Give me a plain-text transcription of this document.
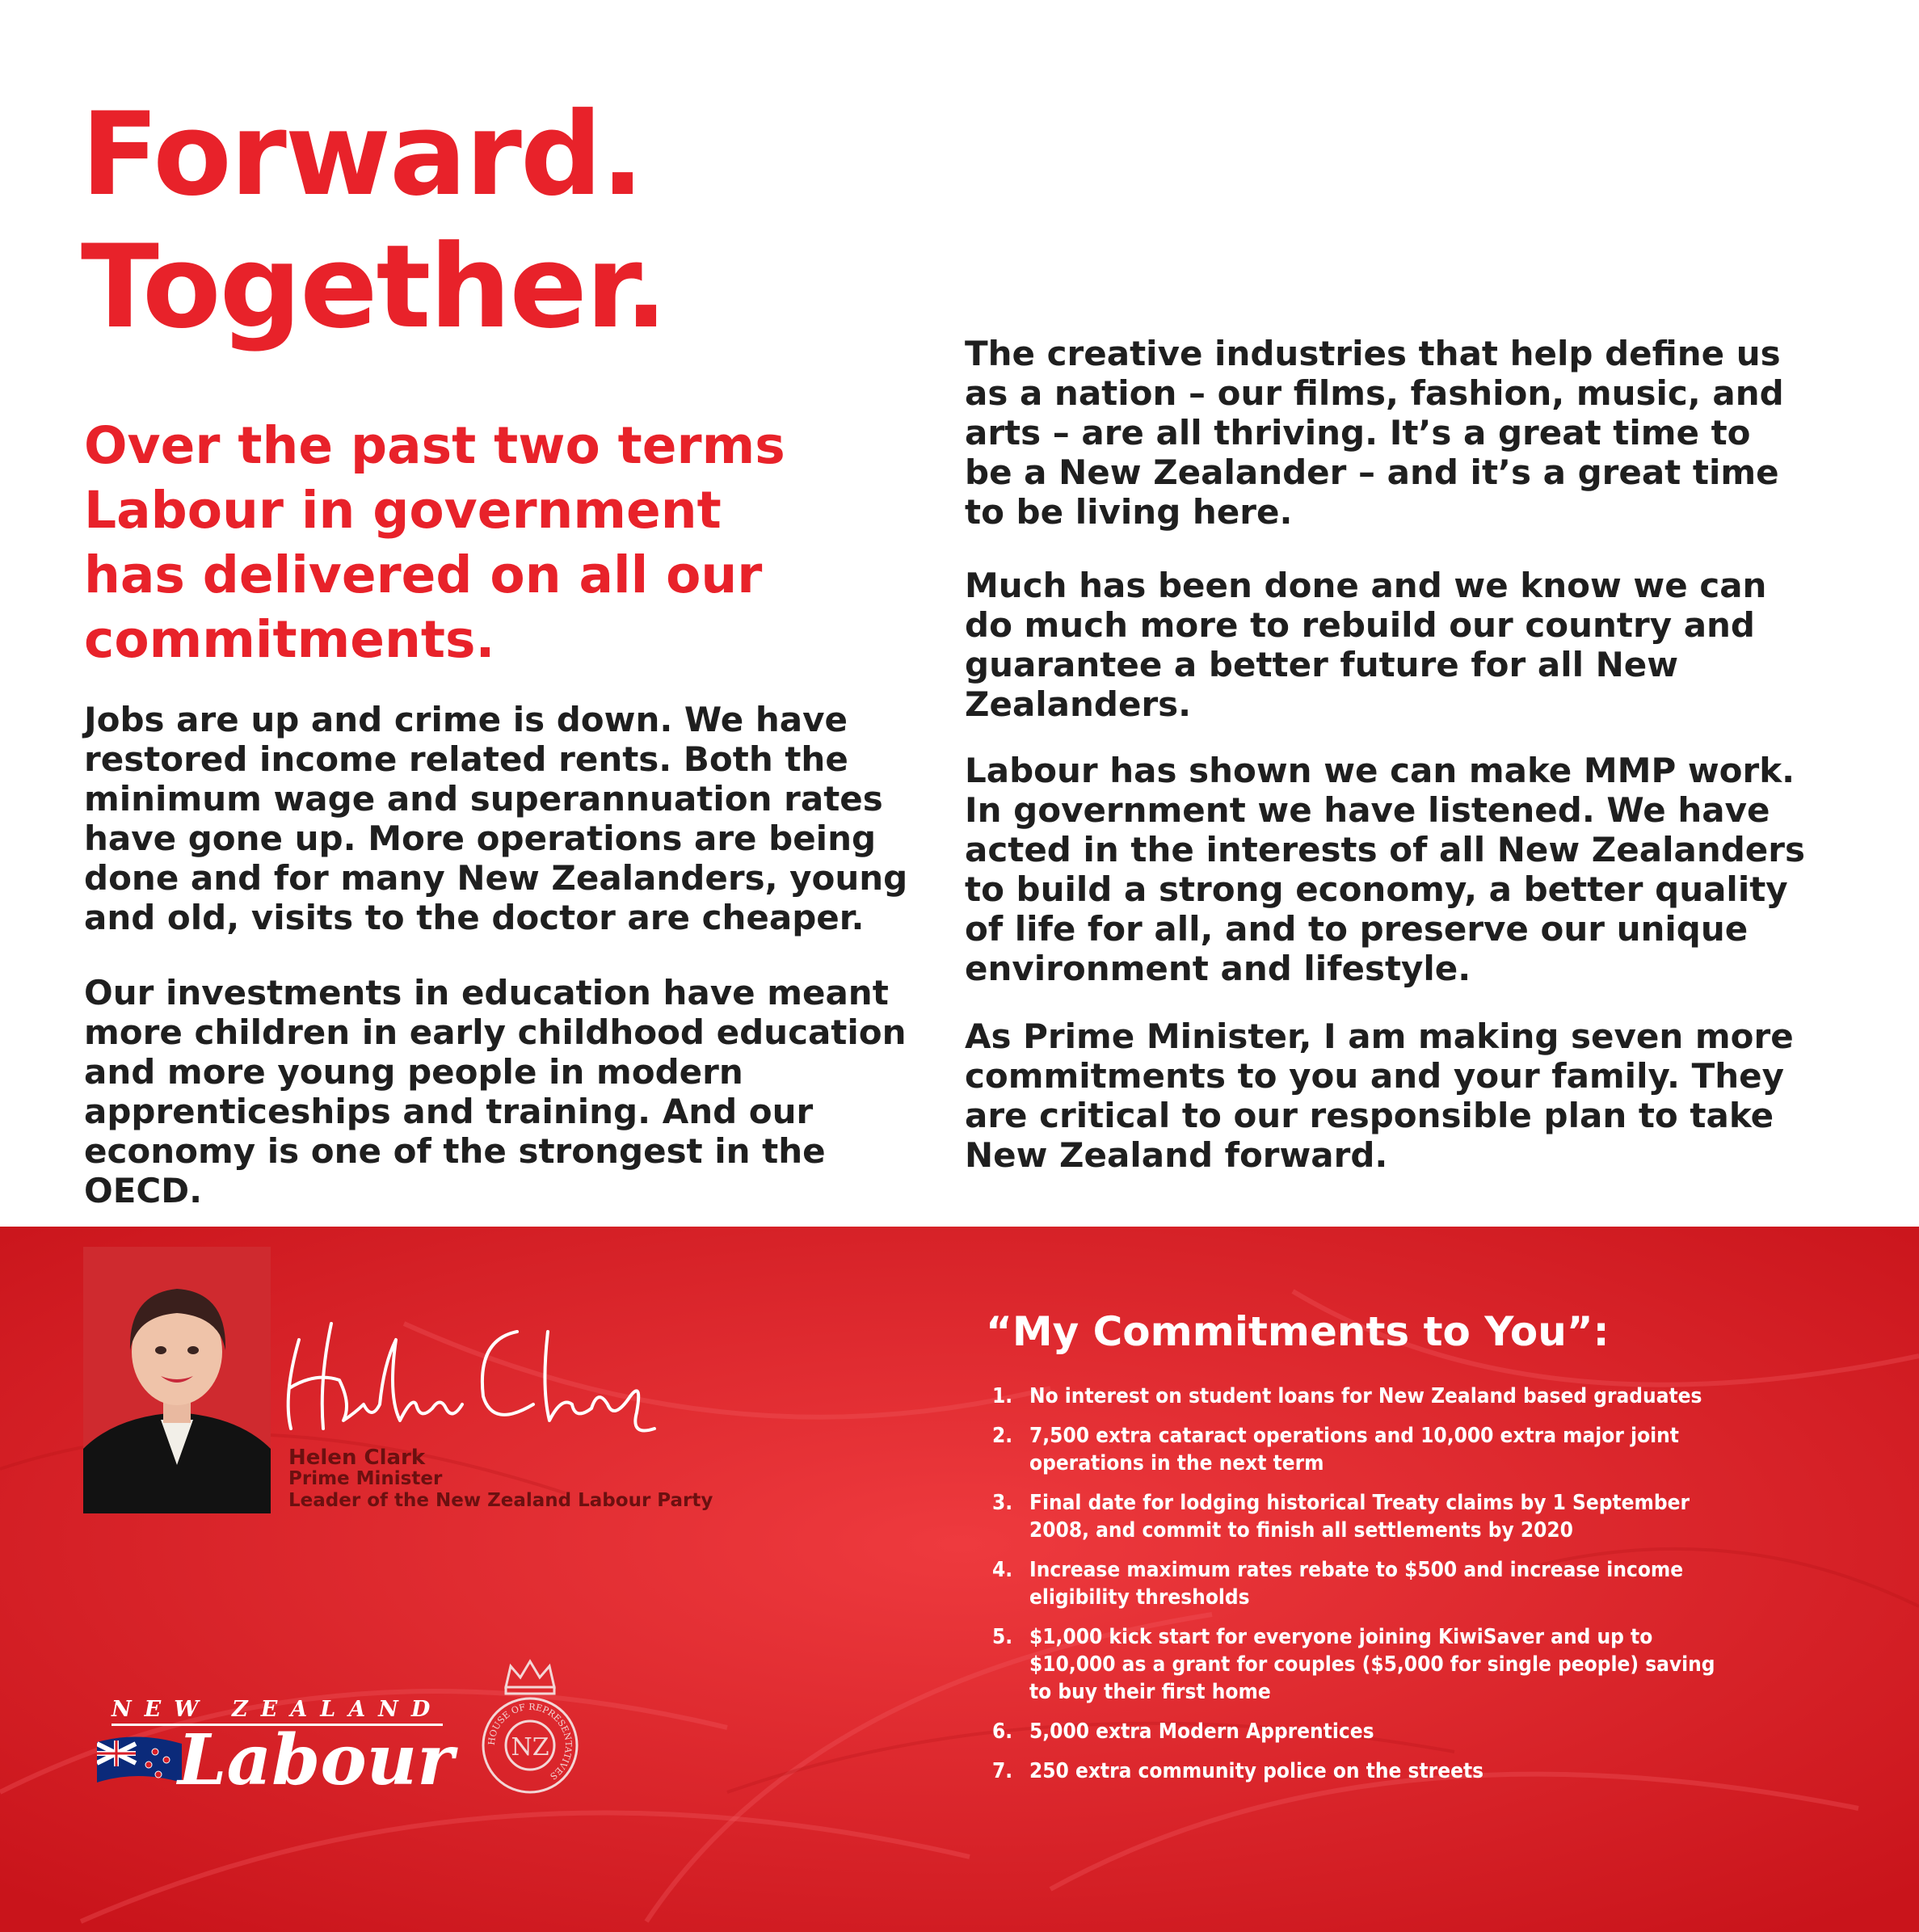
Forward.
Together.
Over the past two terms Labour in government has delivered on all our commitments.

Jobs are up and crime is down. We have restored income related rents. Both the minimum wage and superannuation rates have gone up. More operations are being done and for many New Zealanders, young and old, visits to the doctor are cheaper.

Our investments in education have meant more children in early childhood education and more young people in modern apprenticeships and training. And our economy is one of the strongest in the OECD.

The creative industries that help define us as a nation – our films, fashion, music, and arts – are all thriving. It’s a great time to be a New Zealander – and it’s a great time to be living here.

Much has been done and we know we can do much more to rebuild our country and guarantee a better future for all New Zealanders.

Labour has shown we can make MMP work. In government we have listened. We have acted in the interests of all New Zealanders to build a strong economy, a better quality of life for all, and to preserve our unique environment and lifestyle.

As Prime Minister, I am making seven more commitments to you and your family. They are critical to our responsible plan to take New Zealand forward.

Helen Clark
Prime Minister
Leader of the New Zealand Labour Party
NEW ZEALAND
Labour NZ
HOUSE OF REPRESENTATIVES
“My Commitments to You”:
1. No interest on student loans for New Zealand based graduates
2. 7,500 extra cataract operations and 10,000 extra major joint operations in the next term
3. Final date for lodging historical Treaty claims by 1 September 2008, and commit to finish all settlements by 2020
4. Increase maximum rates rebate to $500 and increase income eligibility thresholds
5. $1,000 kick start for everyone joining KiwiSaver and up to $10,000 as a grant for couples ($5,000 for single people) saving to buy their first home
6. 5,000 extra Modern Apprentices
7. 250 extra community police on the streets
